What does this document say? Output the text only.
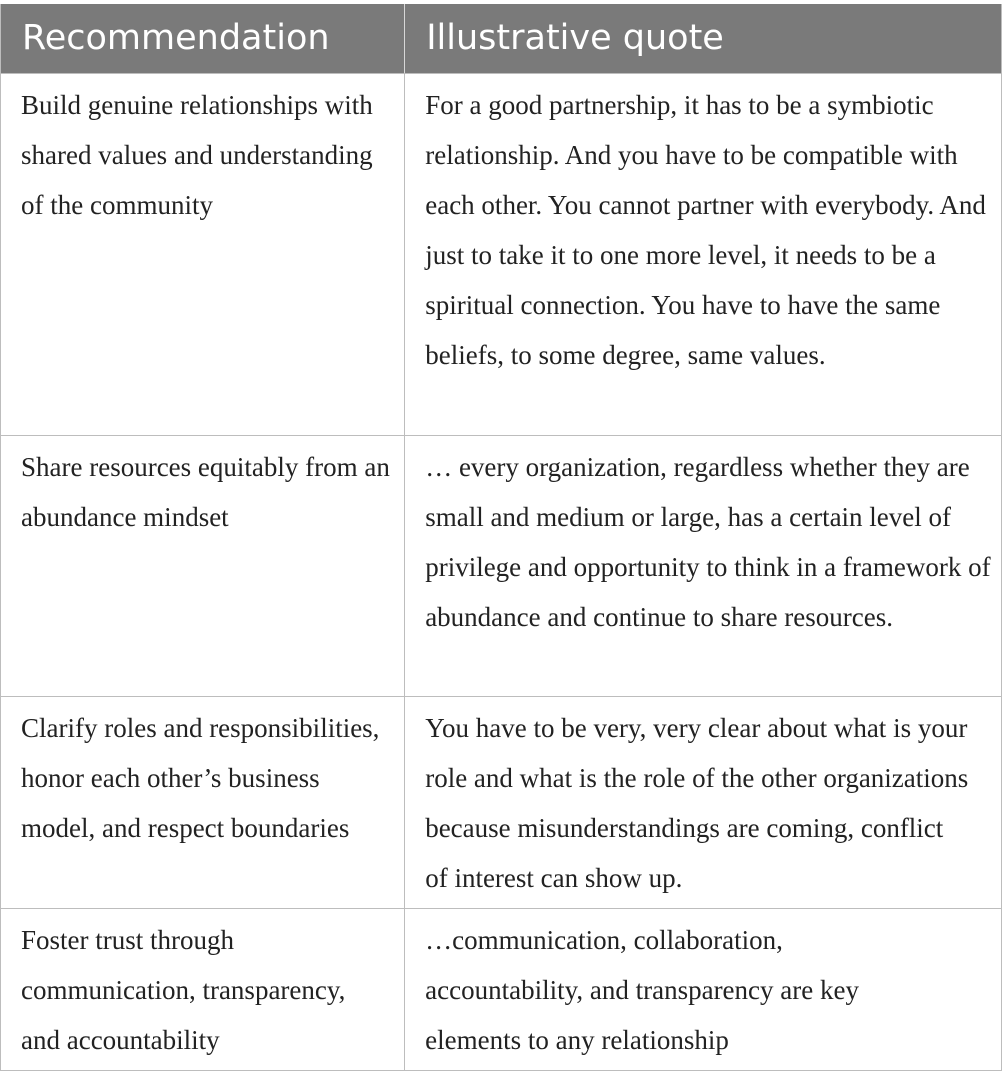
Recommendation	Illustrative quote
Build genuine relationships with shared values and understanding of the community
For a good partnership, it has to be a symbiotic relationship. And you have to be compatible with each other. You cannot partner with everybody. And just to take it to one more level, it needs to be a spiritual connection. You have to have the same beliefs, to some degree, same values.
Share resources equitably from an abundance mindset
… every organization, regardless whether they are small and medium or large, has a certain level of privilege and opportunity to think in a framework of abundance and continue to share resources.
Clarify roles and responsibilities, honor each other’s business model, and respect boundaries
You have to be very, very clear about what is your role and what is the role of the other organizations because misunderstandings are coming, conflict of interest can show up.
Foster trust through communication, transparency, and accountability
…communication, collaboration, accountability, and transparency are key elements to any relationship
